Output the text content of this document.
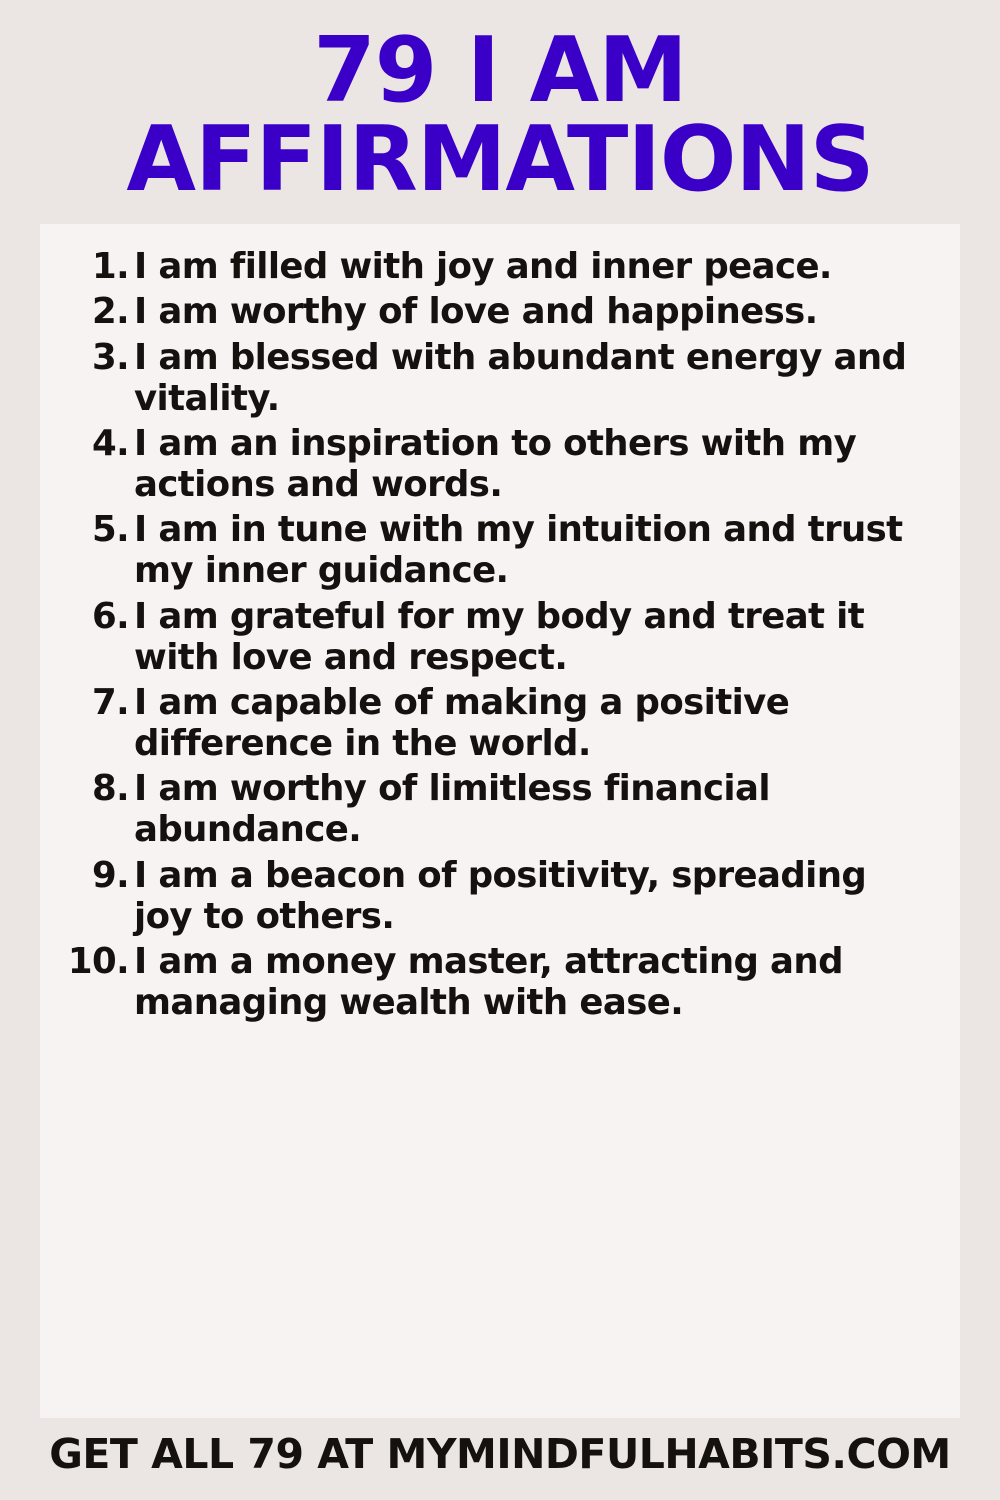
79 I AM AFFIRMATIONS
1 . I am filled with joy and inner peace.
2 . I am worthy of love and happiness.
3 . I am blessed with abundant energy and vitality.
4 . I am an inspiration to others with my actions and words.
5 . I am in tune with my intuition and trust my inner guidance.
6 . I am grateful for my body and treat it with love and respect.
7 . I am capable of making a positive difference in the world.
8 . I am worthy of limitless financial abundance.
9 . I am a beacon of positivity, spreading joy to others.
10 . I am a money master, attracting and managing wealth with ease.

GET ALL 79 AT MYMINDFULHABITS.COM
